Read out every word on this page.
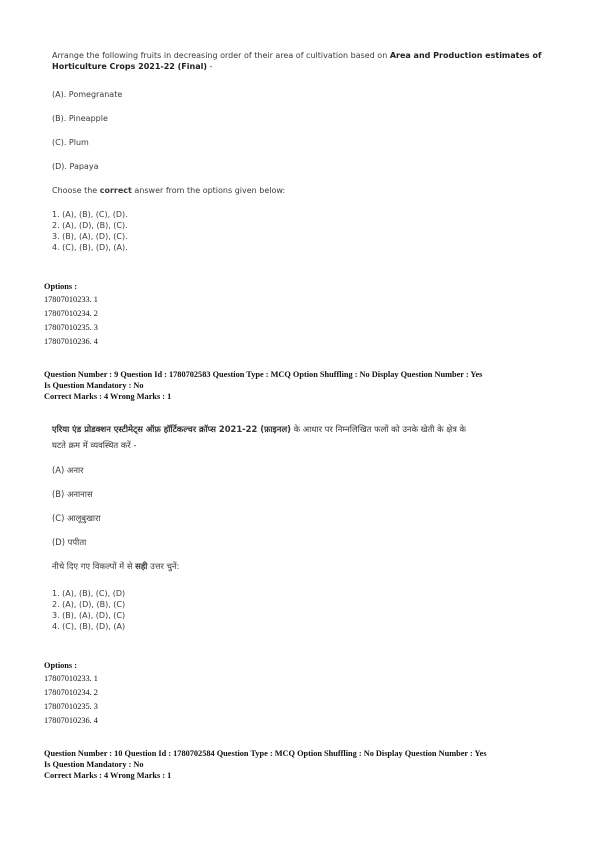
Arrange the following fruits in decreasing order of their area of cultivation based on Area and Production estimates of Horticulture Crops 2021-22 (Final) -
(A). Pomegranate
(B). Pineapple
(C). Plum
(D). Papaya
Choose the correct answer from the options given below:
1. (A), (B), (C), (D).
2. (A), (D), (B), (C).
3. (B), (A), (D), (C).
4. (C), (B), (D), (A).
Options :
17807010233. 1
17807010234. 2
17807010235. 3
17807010236. 4
Question Number : 9 Question Id : 1780702583 Question Type : MCQ Option Shuffling : No Display Question Number : Yes
Is Question Mandatory : No
Correct Marks : 4 Wrong Marks : 1
एरिया एंड प्रोडक्शन एस्टीमेट्स ऑफ़ हॉर्टिकल्चर क्रॉप्स 2021-22 (फ़ाइनल) के आधार पर निम्नलिखित फलों को उनके खेती के क्षेत्र के
घटते क्रम में व्यवस्थित करें -
(A) अनार
(B) अनानास
(C) आलूबुखारा
(D) पपीता
नीचे दिए गए विकल्पों में से सही उत्तर चुनें:
1. (A), (B), (C), (D)
2. (A), (D), (B), (C)
3. (B), (A), (D), (C)
4. (C), (B), (D), (A)
Options :
17807010233. 1
17807010234. 2
17807010235. 3
17807010236. 4
Question Number : 10 Question Id : 1780702584 Question Type : MCQ Option Shuffling : No Display Question Number : Yes
Is Question Mandatory : No
Correct Marks : 4 Wrong Marks : 1
